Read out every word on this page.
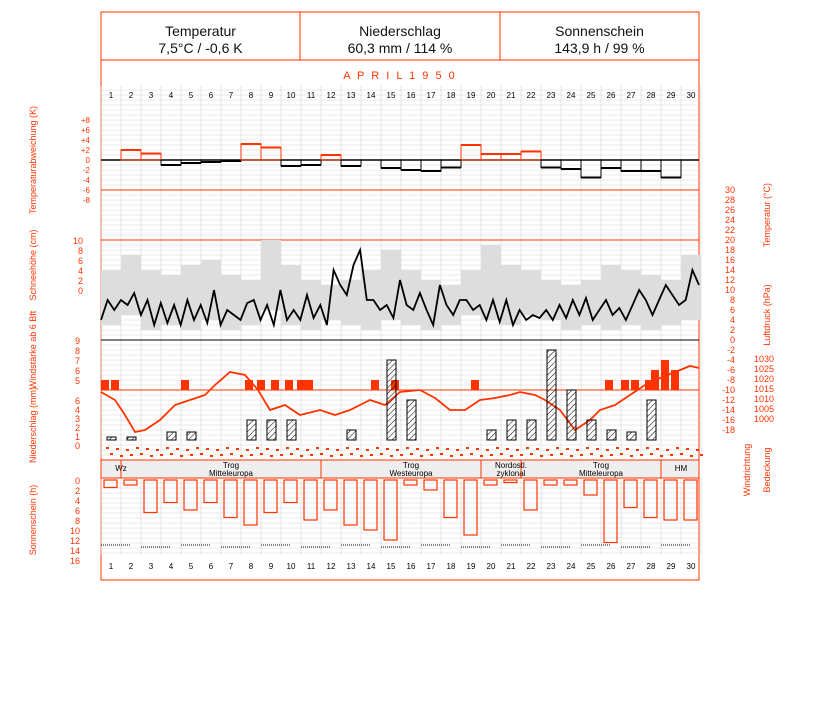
Temperatur
7,5°C / -0,6 K
Niederschlag
60,3 mm / 114 %
Sonnenschein
143,9 h / 99 %
A P R I L 1 9 5 0
1
1
2
2
3
3
4
4
5
5
6
6
7
7
8
8
9
9
10
10
11
11
12
12
13
13
14
14
15
15
16
16
17
17
18
18
19
19
20
20
21
21
22
22
23
23
24
24
25
25
26
26
27
27
28
28
29
29
30
30
+8
+6
+4
+2
0
-2
-4
-6
-8
Temperaturabweichung (K)	30
28
26
24
22
20
18
16
14
12
10
8
6
4
2
0
-2
-4
-6
-8
-10
-12
-14
-16
-18
Temperatur (°C)
10
8
6
4
2
0
Schneehöhe (cm)
9
8
7
6
5
Windstärke ab 6 Bft	1030
1025
1020
1015
1010
1005
1000
Luftdruck (hPa)
6
4
3
2
1
0
Niederschlag (mm)
Windrichtung Bedeckung
Wz	Trog
Mitteleuropa
Trog
Westeuropa
Nordostl.
zyklonal
Trog
Mitteleuropa
HM
0
2
4
6
8
10
12
14
16
Sonnenschein (h)
